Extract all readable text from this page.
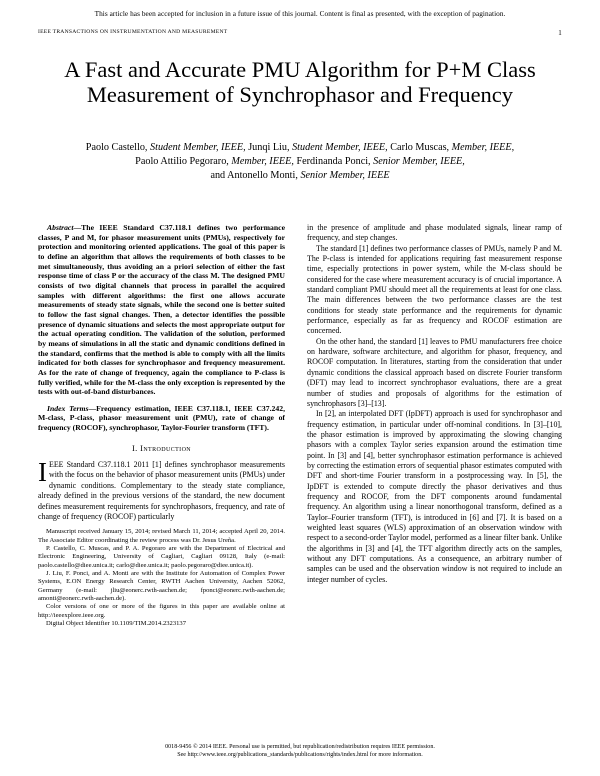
This article has been accepted for inclusion in a future issue of this journal. Content is final as presented, with the exception of pagination.
IEEE TRANSACTIONS ON INSTRUMENTATION AND MEASUREMENT	1
A Fast and Accurate PMU Algorithm for P+M Class Measurement of Synchrophasor and Frequency
Paolo Castello, Student Member, IEEE, Junqi Liu, Student Member, IEEE, Carlo Muscas, Member, IEEE,
Paolo Attilio Pegoraro, Member, IEEE, Ferdinanda Ponci, Senior Member, IEEE,
and Antonello Monti, Senior Member, IEEE

Abstract—The IEEE Standard C37.118.1 defines two performance classes, P and M, for phasor measurement units (PMUs), respectively for protection and monitoring oriented applications. The goal of this paper is to define an algorithm that allows the requirements of both classes to be met simultaneously, thus avoiding an a priori selection of either the fast response time of class P or the accuracy of the class M. The designed PMU consists of two digital channels that process in parallel the acquired samples with different algorithms: the first one allows accurate measurements of steady state signals, while the second one is better suited to follow the fast signal changes. Then, a detector identifies the possible presence of dynamic situations and selects the most appropriate output for the actual operating condition. The validation of the solution, performed by means of simulations in all the static and dynamic conditions defined in the standard, confirms that the method is able to comply with all the limits indicated for both classes for synchrophasor and frequency measurement. As for the rate of change of frequency, again the compliance to P-class is fully verified, while for the M-class the only exception is represented by the tests with out-of-band disturbances.

Index Terms—Frequency estimation, IEEE C37.118.1, IEEE C37.242, M-class, P-class, phasor measurement unit (PMU), rate of change of frequency (ROCOF), synchrophasor, Taylor-Fourier transform (TFT).

I. Introduction

IEEE Standard C37.118.1 2011 [1] defines synchrophasor measurements with the focus on the behavior of phasor measurement units (PMUs) under dynamic conditions. Complementary to the steady state compliance, already defined in the previous versions of the standard, the new document defines measurement requirements for synchrophasors, frequency, and rate of change of frequency (ROCOF) particularly

Manuscript received January 15, 2014; revised March 11, 2014; accepted April 20, 2014. The Associate Editor coordinating the review process was Dr. Jesus Ureña.

P. Castello, C. Muscas, and P. A. Pegoraro are with the Department of Electrical and Electronic Engineering, University of Cagliari, Cagliari 09128, Italy (e-mail: paolo.castello@diee.unica.it; carlo@diee.unica.it; paolo.pegoraro@diee.unica.it).

J. Liu, F. Ponci, and A. Monti are with the Institute for Automation of Complex Power Systems, E.ON Energy Research Center, RWTH Aachen University, Aachen 52062, Germany (e-mail: jliu@eonerc.rwth-aachen.de; fponci@eonerc.rwth-aachen.de; amonti@eonerc.rwth-aachen.de).

Color versions of one or more of the figures in this paper are available online at http://ieeexplore.ieee.org.

Digital Object Identifier 10.1109/TIM.2014.2323137

in the presence of amplitude and phase modulated signals, linear ramp of frequency, and step changes.

The standard [1] defines two performance classes of PMUs, namely P and M. The P-class is intended for applications requiring fast measurement response time, especially protections in power system, while the M-class should be considered for the case where measurement accuracy is of crucial importance. A standard compliant PMU should meet all the requirements at least for one class. The main differences between the two performance classes are the test conditions for steady state performance and the requirements for dynamic performance, especially as far as frequency and ROCOF estimation are concerned.

On the other hand, the standard [1] leaves to PMU manufacturers free choice on hardware, software architecture, and algorithm for phasor, frequency, and ROCOF computation. In literatures, starting from the consideration that under dynamic conditions the classical approach based on discrete Fourier transform (DFT) may lead to incorrect synchrophasor evaluations, there are a great number of studies and proposals of algorithms for the estimation of synchrophasors [3]–[13].

In [2], an interpolated DFT (IpDFT) approach is used for synchrophasor and frequency estimation, in particular under off-nominal conditions. In [3]–[10], the phasor estimation is improved by approximating the slowing changing phasors with a complex Taylor series expansion around the estimation time point. In [3] and [4], better synchrophasor estimation performance is achieved by correcting the estimation errors of sequential phasor estimates computed with DFT and short-time Fourier transform in a postprocessing way. In [5], the IpDFT is extended to compute directly the phasor derivatives and thus frequency and ROCOF, from the DFT components around fundamental frequency. An algorithm using a linear nonorthogonal transform, defined as a Taylor–Fourier transform (TFT), is introduced in [6] and [7]. It is based on a weighted least squares (WLS) approximation of an observation window with respect to a second-order Taylor model, performed as a linear filter bank. Unlike the algorithms in [3] and [4], the TFT algorithm directly acts on the samples, without any DFT computations. As a consequence, an arbitrary number of samples can be used and the observation window is not required to include an integer number of cycles.

0018-9456 © 2014 IEEE. Personal use is permitted, but republication/redistribution requires IEEE permission.
See http://www.ieee.org/publications_standards/publications/rights/index.html for more information.
